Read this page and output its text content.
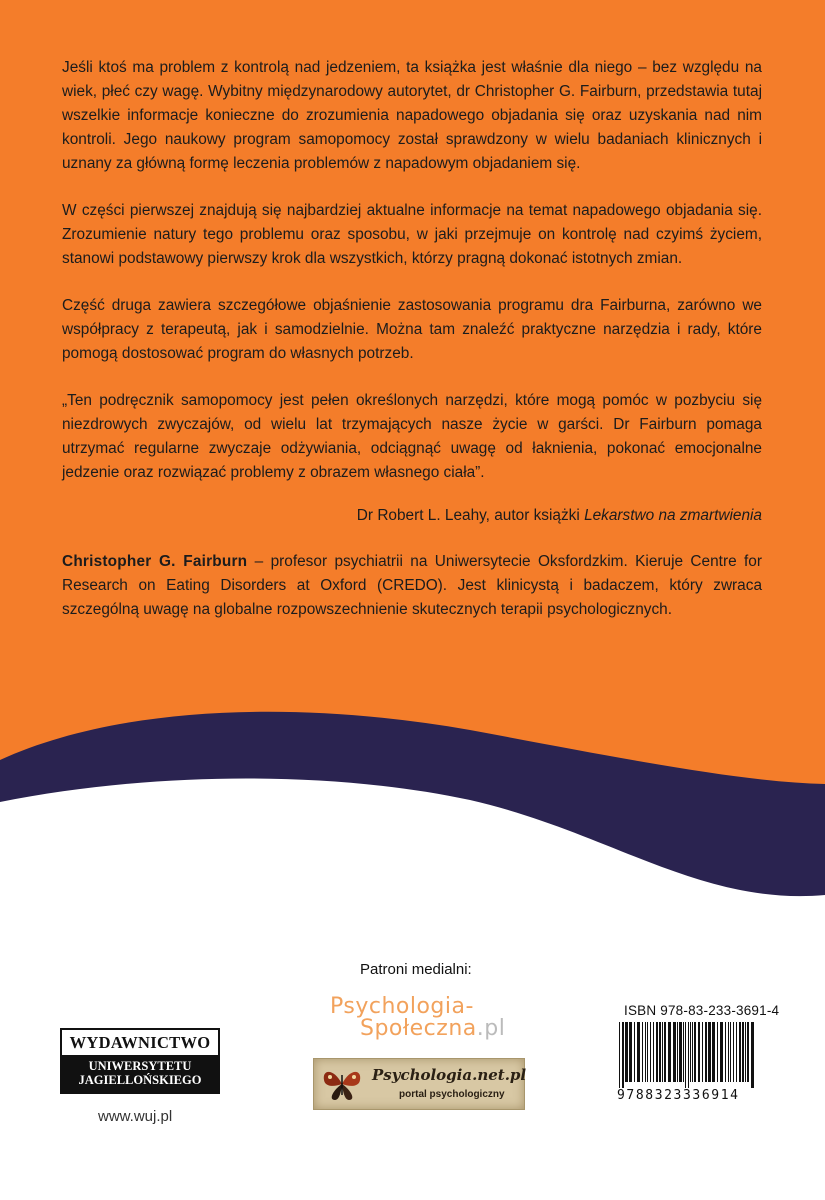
Jeśli ktoś ma problem z kontrolą nad jedzeniem, ta książka jest właśnie dla niego – bez względu na wiek, płeć czy wagę. Wybitny międzynarodowy autorytet, dr Christopher G. Fairburn, przedstawia tutaj wszelkie informacje konieczne do zrozumienia napadowego objadania się oraz uzyskania nad nim kontroli. Jego naukowy program samopomocy został sprawdzony w wielu badaniach klinicznych i uznany za główną formę leczenia problemów z napadowym objadaniem się.

W części pierwszej znajdują się najbardziej aktualne informacje na temat napadowego objadania się. Zrozumienie natury tego problemu oraz sposobu, w jaki przejmuje on kontrolę nad czyimś życiem, stanowi podstawowy pierwszy krok dla wszystkich, którzy pragną dokonać istotnych zmian.

Część druga zawiera szczegółowe objaśnienie zastosowania programu dra Fairburna, zarówno we współpracy z terapeutą, jak i samodzielnie. Można tam znaleźć praktyczne narzędzia i rady, które pomogą dostosować program do własnych potrzeb.

„Ten podręcznik samopomocy jest pełen określonych narzędzi, które mogą pomóc w pozbyciu się niezdrowych zwyczajów, od wielu lat trzymających nasze życie w garści. Dr Fairburn pomaga utrzymać regularne zwyczaje odżywiania, odciągnąć uwagę od łaknienia, pokonać emocjonalne jedzenie oraz rozwiązać problemy z obrazem własnego ciała”.

Dr Robert L. Leahy, autor książki Lekarstwo na zmartwienia

Christopher G. Fairburn – profesor psychiatrii na Uniwersytecie Oksfordzkim. Kieruje Centre for Research on Eating Disorders at Oxford (CREDO). Jest klinicystą i badaczem, który zwraca szczególną uwagę na globalne rozpowszechnienie skutecznych terapii psychologicznych.

Patroni medialni:
Psychologia-
Społeczna.pl
Psychologia.net.pl
portal psychologiczny
WYDAWNICTWO
UNIWERSYTETU
JAGIELLOŃSKIEGO
www.wuj.pl
ISBN 978-83-233-3691-4
9788323336914
